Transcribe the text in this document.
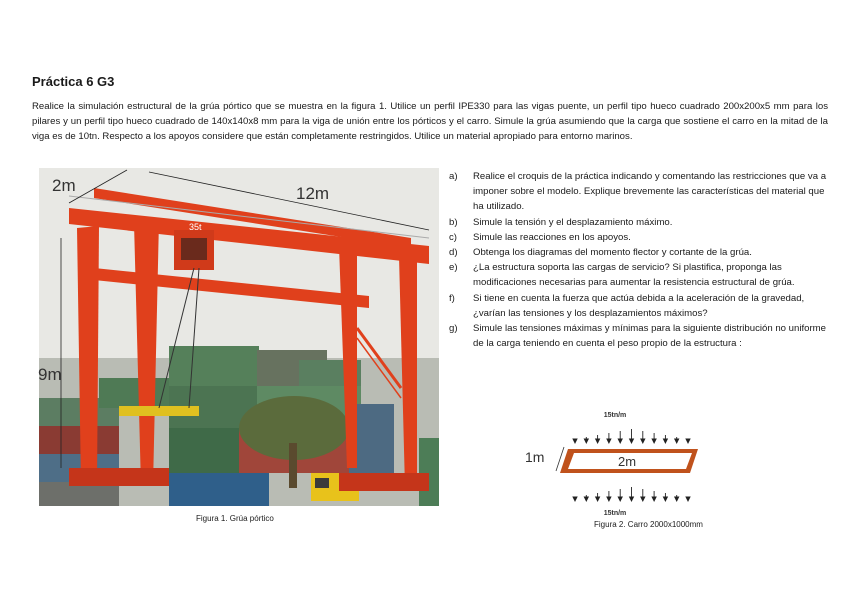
Práctica 6 G3
Realice la simulación estructural de la grúa pórtico que se muestra en la figura 1. Utilice un perfil IPE330 para las vigas puente, un perfil tipo hueco cuadrado 200x200x5 mm para los pilares y un perfil tipo hueco cuadrado de 140x140x8 mm para la viga de unión entre los pórticos y el carro. Simule la grúa asumiendo que la carga que sostiene el carro en la mitad de la viga es de 10tn. Respecto a los apoyos considere que están completamente restringidos. Utilice un material apropiado para entorno marinos.
35t
2m	12m
9m
Figura 1. Grúa pórtico
a)	Realice el croquis de la práctica indicando y comentando las restricciones que va a imponer sobre el modelo. Explique brevemente las características del material que ha utilizado.
b)	Simule la tensión y el desplazamiento máximo.
c)	Simule las reacciones en los apoyos.
d)	Obtenga los diagramas del momento flector y cortante de la grúa.
e)	¿La estructura soporta las cargas de servicio? Si plastifica, proponga las modificaciones necesarias para aumentar la resistencia estructural de grúa.
f)	Si tiene en cuenta la fuerza que actúa debida a la aceleración de la gravedad, ¿varían las tensiones y los desplazamientos máximos?
g)	Simule las tensiones máximas y mínimas para la siguiente distribución no uniforme de la carga teniendo en cuenta el peso propio de la estructura :
15tn/m
2m
1m
15tn/m
Figura 2. Carro 2000x1000mm
